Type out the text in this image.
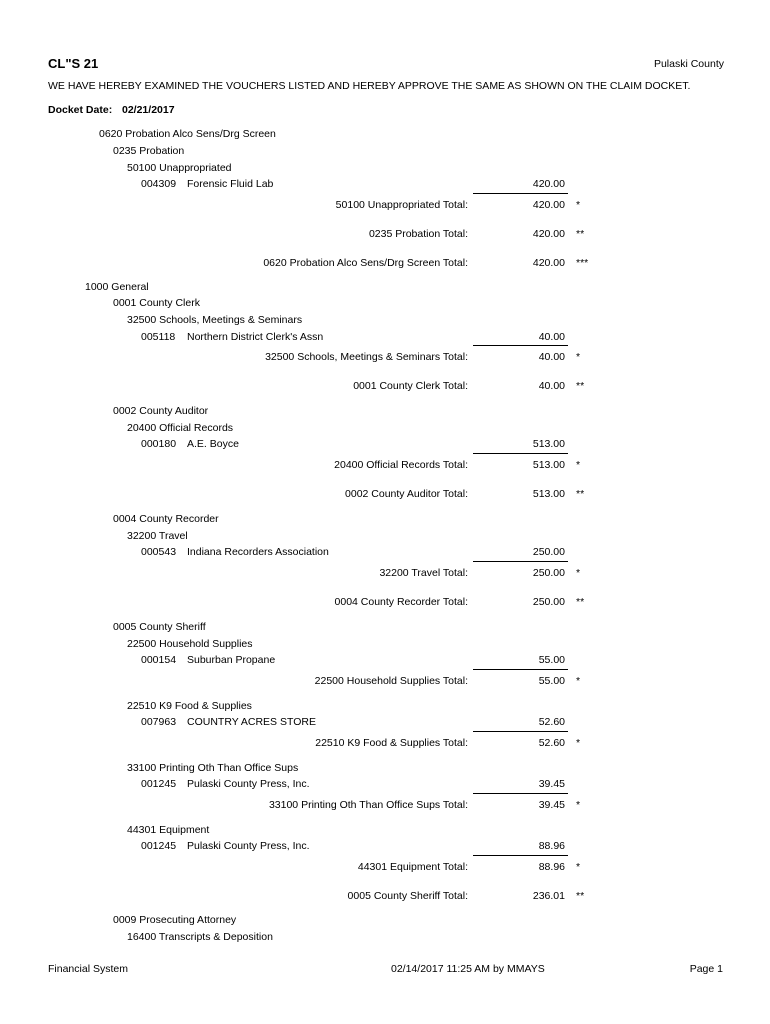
CL"S 21	Pulaski County
WE HAVE HEREBY EXAMINED THE VOUCHERS LISTED AND HEREBY APPROVE THE SAME AS SHOWN ON THE CLAIM DOCKET.
Docket Date: 02/21/2017
0620 Probation Alco Sens/Drg Screen
0235 Probation
50100 Unappropriated
004309 Forensic Fluid Lab	420.00
50100 Unappropriated Total:	420.00 *
0235 Probation Total:	420.00 **
0620 Probation Alco Sens/Drg Screen Total:	420.00 ***
1000 General
0001 County Clerk
32500 Schools, Meetings & Seminars
005118 Northern District Clerk's Assn	40.00
32500 Schools, Meetings & Seminars Total:	40.00 *
0001 County Clerk Total:	40.00 **
0002 County Auditor
20400 Official Records
000180 A.E. Boyce	513.00
20400 Official Records Total:	513.00 *
0002 County Auditor Total:	513.00 **
0004 County Recorder
32200 Travel
000543 Indiana Recorders Association	250.00
32200 Travel Total:	250.00 *
0004 County Recorder Total:	250.00 **
0005 County Sheriff
22500 Household Supplies
000154 Suburban Propane	55.00
22500 Household Supplies Total:	55.00 *
22510 K9 Food & Supplies
007963 COUNTRY ACRES STORE	52.60
22510 K9 Food & Supplies Total:	52.60 *
33100 Printing Oth Than Office Sups
001245 Pulaski County Press, Inc.	39.45
33100 Printing Oth Than Office Sups Total:	39.45 *
44301 Equipment
001245 Pulaski County Press, Inc.	88.96
44301 Equipment Total:	88.96 *
0005 County Sheriff Total:	236.01 **
0009 Prosecuting Attorney
16400 Transcripts & Deposition
Financial System	02/14/2017 11:25 AM by MMAYS	Page 1
